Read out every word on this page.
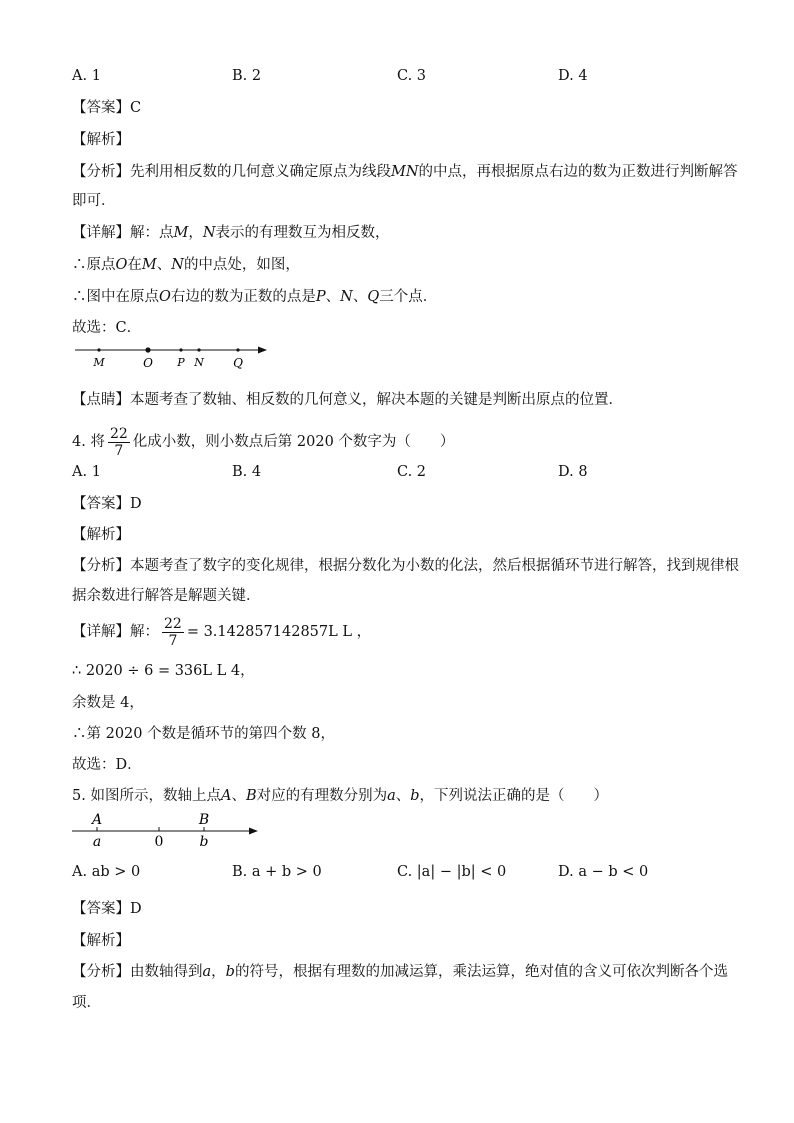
A. 1	B. 2	C. 3	D. 4
【答案】C
【解析】
【分析】先利用相反数的几何意义确定原点为线段MN的中点，再根据原点右边的数为正数进行判断解答
即可．
【详解】解：点M，N表示的有理数互为相反数，
∴原点O在M、N的中点处，如图，
∴图中在原点O右边的数为正数的点是P、N、Q三个点．
故选：C．
M	O P N Q
【点睛】本题考查了数轴、相反数的几何意义，解决本题的关键是判断出原点的位置．
4. 将 $\frac{22}{7}$ 化成小数，则小数点后第 2020 个数字为（　　）
A. 1	B. 4	C. 2	D. 8
【答案】D
【解析】
【分析】本题考查了数字的变化规律，根据分数化为小数的化法，然后根据循环节进行解答，找到规律根
据余数进行解答是解题关键．
【详解】解： $\frac{22}{7} = 3.142857142857L$ L ，
∴ 2020 ÷ 6 = 336L L 4，
余数是 4，
∴第 2020 个数是循环节的第四个数 8，
故选：D．
5. 如图所示，数轴上点A、B对应的有理数分别为a、b，下列说法正确的是（　　）
A	B
a	0	b
A. ab > 0	B. a + b > 0	C. |a| − |b| < 0	D. a − b < 0
【答案】D
【解析】
【分析】由数轴得到a，b的符号，根据有理数的加减运算，乘法运算，绝对值的含义可依次判断各个选
项．
